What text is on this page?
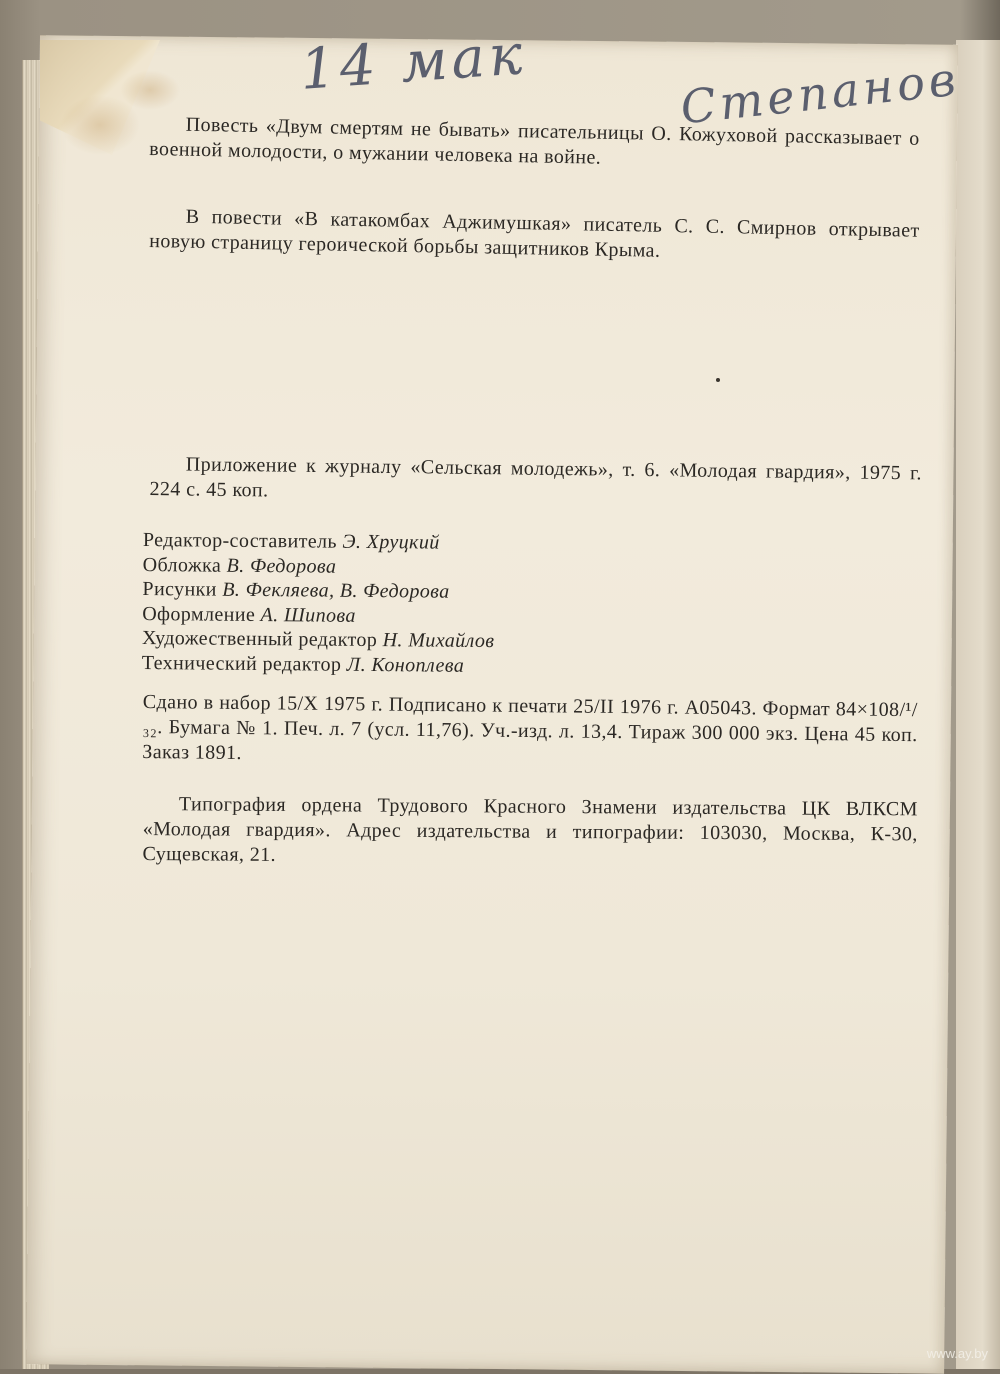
14 мак	Степанов

Повесть «Двум смертям не бывать» писательницы О. Кожуховой рассказывает о военной молодости, о мужании человека на войне.

В повести «В катакомбах Аджимушкая» писатель С. С. Смирнов открывает новую страницу героической борьбы защитников Крыма.

Приложение к журналу «Сельская молодежь», т. 6. «Молодая гвардия», 1975 г. 224 с. 45 коп.

Редактор-составитель Э. Хруцкий
Обложка В. Федорова
Рисунки В. Фекляева, В. Федорова
Оформление А. Шипова
Художественный редактор Н. Михайлов
Технический редактор Л. Коноплева

Сдано в набор 15/X 1975 г. Подписано к печати 25/II 1976 г. А05043. Формат 84×108/¹/₃₂. Бумага № 1. Печ. л. 7 (усл. 11,76). Уч.-изд. л. 13,4. Тираж 300 000 экз. Цена 45 коп. Заказ 1891.

Типография ордена Трудового Красного Знамени издательства ЦК ВЛКСМ «Молодая гвардия». Адрес издательства и типографии: 103030, Москва, К-30, Сущевская, 21.

www.ay.by
